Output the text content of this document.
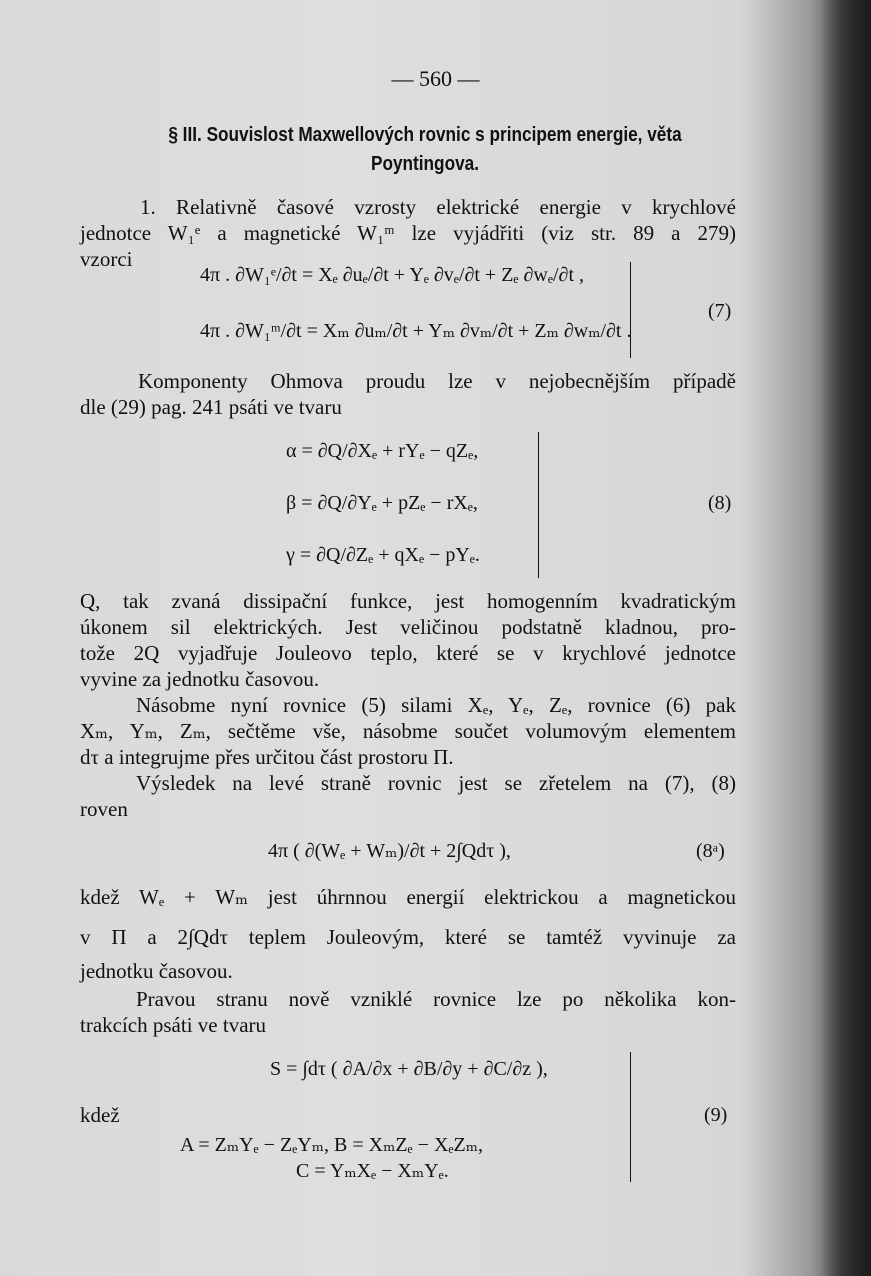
— 560 —
§ III. Souvislost Maxwellových rovnic s principem energie, věta
Poyntingova.
1. Relativně časové vzrosty elektrické energie v krychlové
jednotce W₁ᵉ a magnetické W₁ᵐ lze vyjádřiti (viz str. 89 a 279)
vzorci
4π . ∂W₁ᵉ/∂t = Xₑ ∂uₑ/∂t + Yₑ ∂vₑ/∂t + Zₑ ∂wₑ/∂t ,
4π . ∂W₁ᵐ/∂t = Xₘ ∂uₘ/∂t + Yₘ ∂vₘ/∂t + Zₘ ∂wₘ/∂t .
(7)
Komponenty Ohmova proudu lze v nejobecnějším případě
dle (29) pag. 241 psáti ve tvaru
α = ∂Q/∂Xₑ + rYₑ − qZₑ,
β = ∂Q/∂Yₑ + pZₑ − rXₑ,
γ = ∂Q/∂Zₑ + qXₑ − pYₑ.
(8)
Q, tak zvaná dissipační funkce, jest homogenním kvadratickým
úkonem sil elektrických. Jest veličinou podstatně kladnou, pro-
tože 2Q vyjadřuje Jouleovo teplo, které se v krychlové jednotce
vyvine za jednotku časovou.
Násobme nyní rovnice (5) silami Xₑ, Yₑ, Zₑ, rovnice (6) pak
Xₘ, Yₘ, Zₘ, sečtěme vše, násobme součet volumovým elementem
dτ a integrujme přes určitou část prostoru Π.
Výsledek na levé straně rovnic jest se zřetelem na (7), (8)
roven
4π ( ∂(Wₑ + Wₘ)/∂t + 2∫Qdτ ),	(8ᵃ)
kdež Wₑ + Wₘ jest úhrnnou energií elektrickou a magnetickou
v Π a 2∫Qdτ teplem Jouleovým, které se tamtéž vyvinuje za
jednotku časovou.
Pravou stranu nově vzniklé rovnice lze po několika kon-
trakcích psáti ve tvaru
S = ∫dτ ( ∂A/∂x + ∂B/∂y + ∂C/∂z ),
kdež
A = ZₘYₑ − ZₑYₘ, B = XₘZₑ − XₑZₘ,
C = YₘXₑ − XₘYₑ.
(9)
